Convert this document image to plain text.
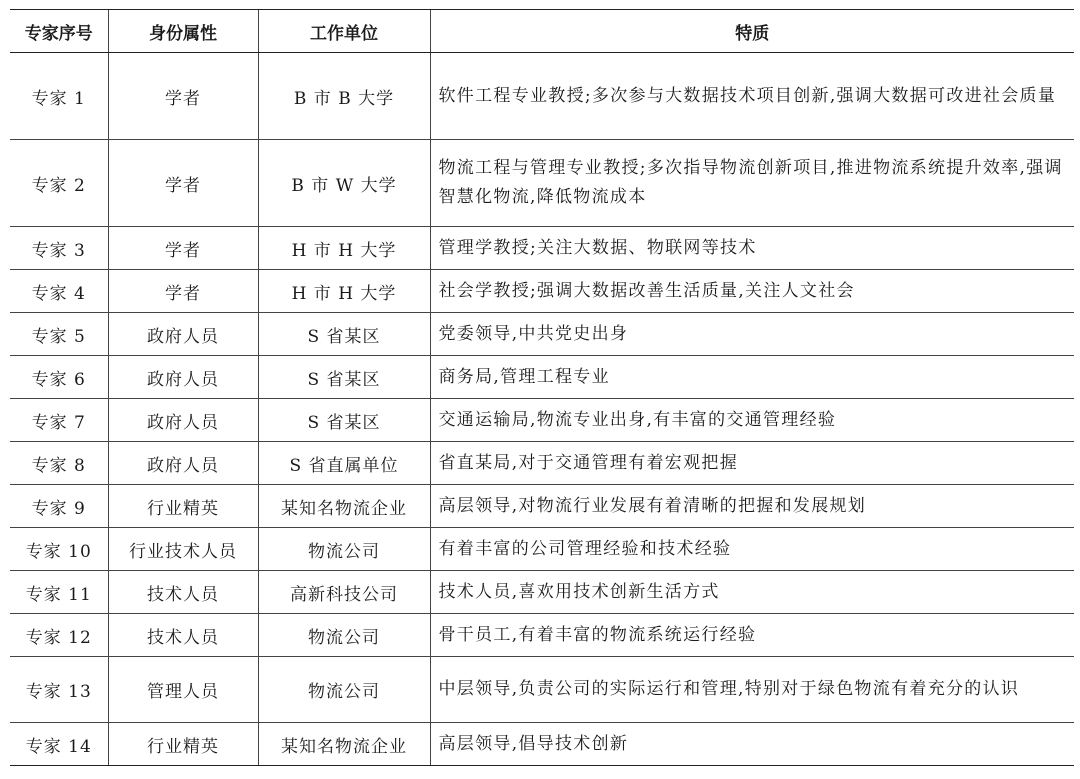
专家序号	身份属性	工作单位	特质
专家 1	学者	B 市 B 大学	软件工程专业教授;多次参与大数据技术项目创新,强调大数据可改进社会质量
专家 2	学者	B 市 W 大学	物流工程与管理专业教授;多次指导物流创新项目,推进物流系统提升效率,强调智慧化物流,降低物流成本
专家 3	学者	H 市 H 大学	管理学教授;关注大数据、物联网等技术
专家 4	学者	H 市 H 大学	社会学教授;强调大数据改善生活质量,关注人文社会
专家 5	政府人员	S 省某区	党委领导,中共党史出身
专家 6	政府人员	S 省某区	商务局,管理工程专业
专家 7	政府人员	S 省某区	交通运输局,物流专业出身,有丰富的交通管理经验
专家 8	政府人员	S 省直属单位	省直某局,对于交通管理有着宏观把握
专家 9	行业精英	某知名物流企业	高层领导,对物流行业发展有着清晰的把握和发展规划
专家 10	行业技术人员	物流公司	有着丰富的公司管理经验和技术经验
专家 11	技术人员	高新科技公司	技术人员,喜欢用技术创新生活方式
专家 12	技术人员	物流公司	骨干员工,有着丰富的物流系统运行经验
专家 13	管理人员	物流公司	中层领导,负责公司的实际运行和管理,特别对于绿色物流有着充分的认识
专家 14	行业精英	某知名物流企业	高层领导,倡导技术创新
